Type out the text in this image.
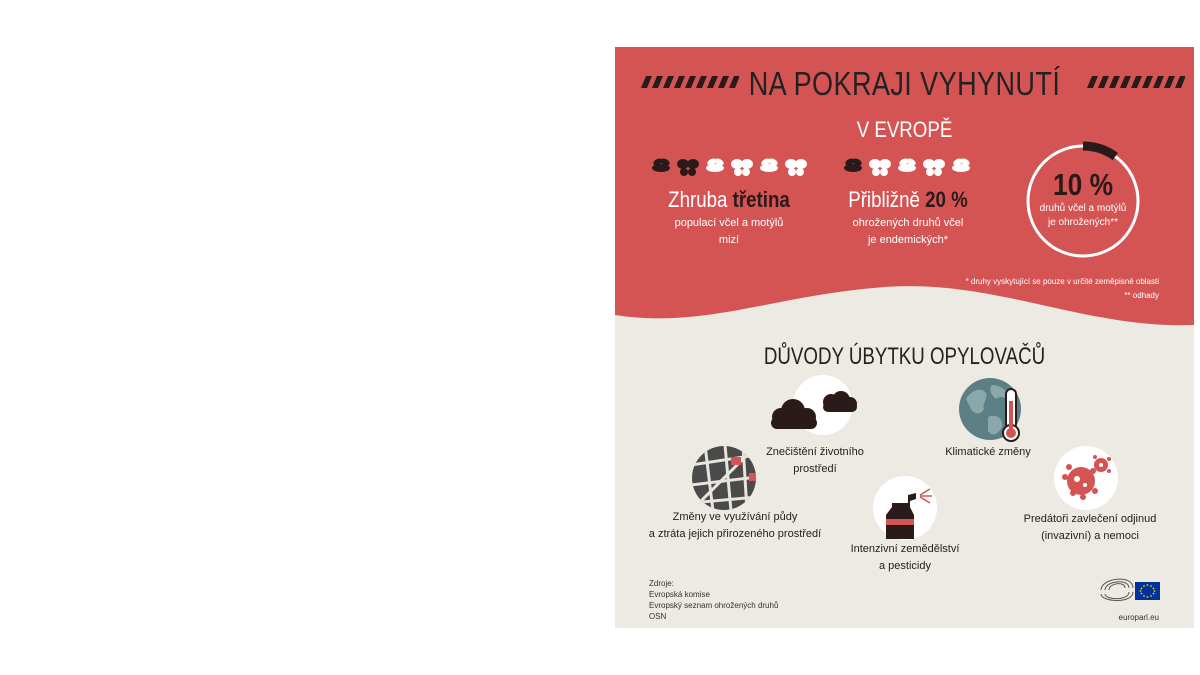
NA POKRAJI VYHYNUTÍ
V EVROPĚ
Zhruba třetina
populací včel a motýlů
mizí
Přibližně 20 %
ohrožených druhů včel
je endemických*
10 %
druhů včel a motýlů
je ohrožených**
* druhy vyskytující se pouze v určité zeměpisné oblasti
** odhady
DŮVODY ÚBYTKU OPYLOVAČŮ
Znečištění životního
prostředí
Klimatické změny
Změny ve využívání půdy
a ztráta jejich přirozeného prostředí
Intenzivní zemědělství
a pesticidy
Predátoři zavlečení odjinud
(invazivní) a nemoci
Zdroje:
Evropská komise
Evropský seznam ohrožených druhů
OSN	europarl.eu
